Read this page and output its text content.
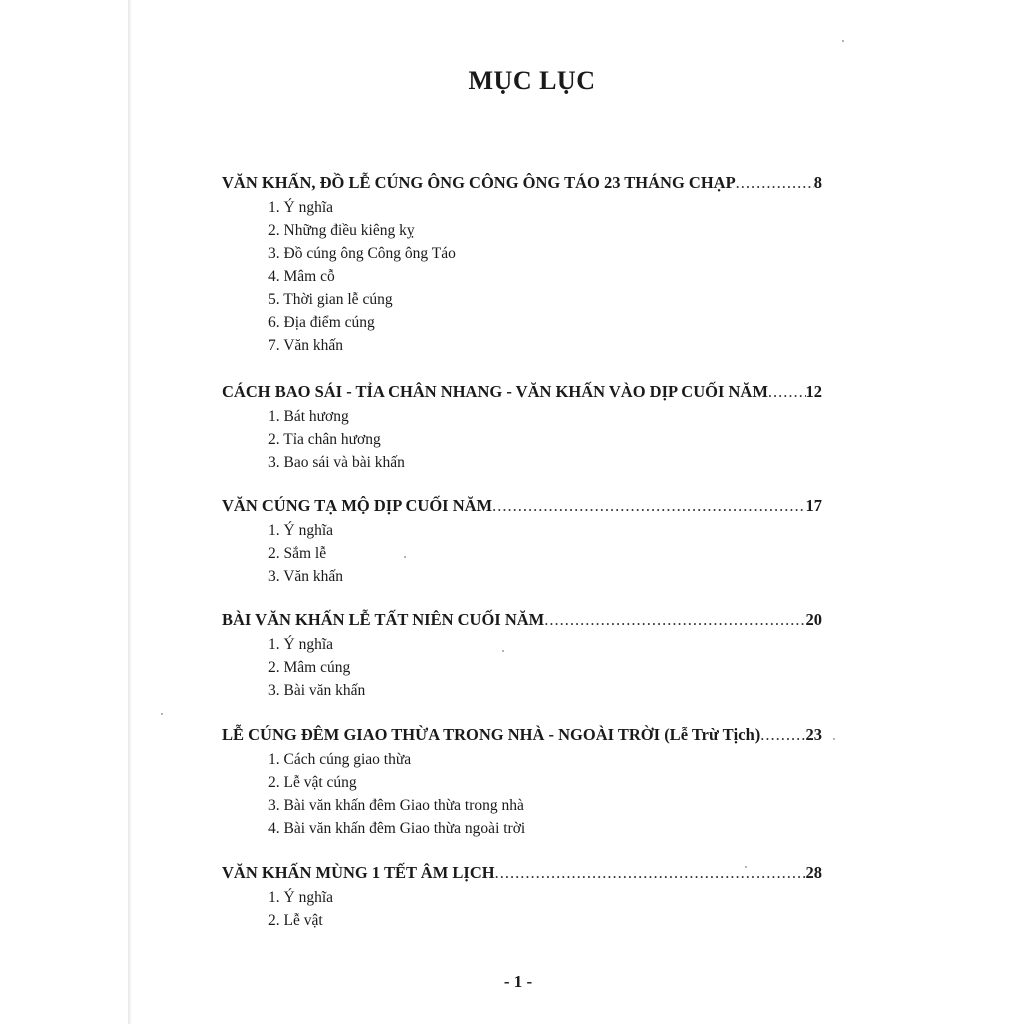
MỤC LỤC
VĂN KHẤN, ĐỒ LỄ CÚNG ÔNG CÔNG ÔNG TÁO 23 THÁNG CHẠP .....	8
1. Ý nghĩa
2. Những điều kiêng kỵ
3. Đồ cúng ông Công ông Táo
4. Mâm cỗ
5. Thời gian lễ cúng
6. Địa điểm cúng
7. Văn khấn
CÁCH BAO SÁI - TỈA CHÂN NHANG - VĂN KHẤN VÀO DỊP CUỐI NĂM ..... 12
1. Bát hương
2. Tỉa chân hương
3. Bao sái và bài khấn
VĂN CÚNG TẠ MỘ DỊP CUỐI NĂM .....	17
1. Ý nghĩa
2. Sắm lễ
3. Văn khấn
BÀI VĂN KHẤN LỄ TẤT NIÊN CUỐI NĂM .....	20
1. Ý nghĩa
2. Mâm cúng
3. Bài văn khấn
LỄ CÚNG ĐÊM GIAO THỪA TRONG NHÀ - NGOÀI TRỜI (Lễ Trừ Tịch) .....	23
1. Cách cúng giao thừa
2. Lễ vật cúng
3. Bài văn khấn đêm Giao thừa trong nhà
4. Bài văn khấn đêm Giao thừa ngoài trời
VĂN KHẤN MÙNG 1 TẾT ÂM LỊCH .....	28
1. Ý nghĩa
2. Lễ vật
- 1 -
